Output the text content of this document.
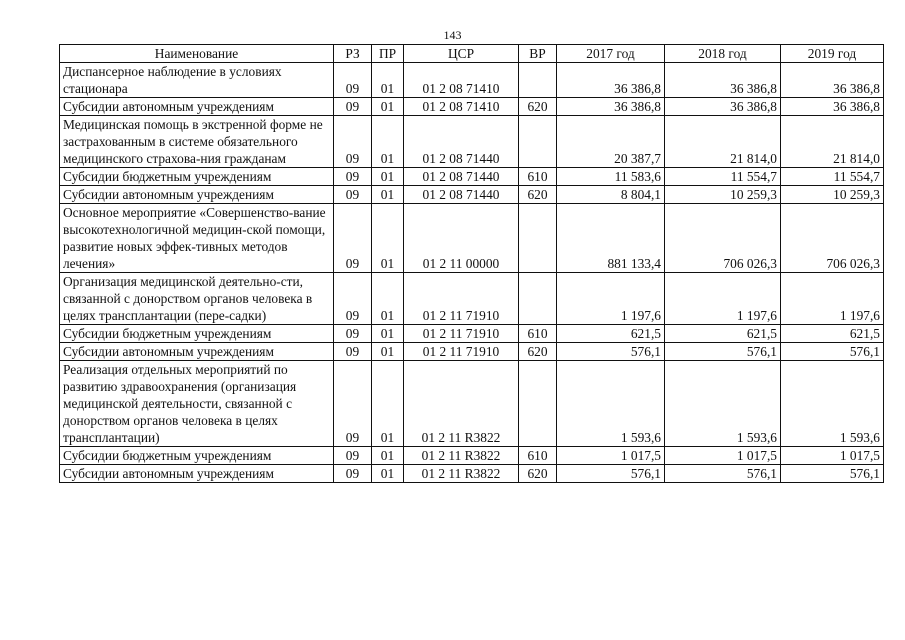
143
Наименование	РЗ	ПР	ЦСР	ВР	2017 год	2018 год	2019 год
Диспансерное наблюдение в условиях стационара	09	01	01 2 08 71410		36 386,8	36 386,8	36 386,8
Субсидии автономным учреждениям	09	01	01 2 08 71410	620	36 386,8	36 386,8	36 386,8
Медицинская помощь в экстренной форме не застрахованным в системе обязательного медицинского страхова-ния гражданам	09	01	01 2 08 71440		20 387,7	21 814,0	21 814,0
Субсидии бюджетным учреждениям	09	01	01 2 08 71440	610	11 583,6	11 554,7	11 554,7
Субсидии автономным учреждениям	09	01	01 2 08 71440	620	8 804,1	10 259,3	10 259,3
Основное мероприятие «Совершенство-вание высокотехнологичной медицин-ской помощи, развитие новых эффек-тивных методов лечения»	09	01	01 2 11 00000		881 133,4	706 026,3	706 026,3
Организация медицинской деятельно-сти, связанной с донорством органов человека в целях трансплантации (пере-садки)	09	01	01 2 11 71910		1 197,6	1 197,6	1 197,6
Субсидии бюджетным учреждениям	09	01	01 2 11 71910	610	621,5	621,5	621,5
Субсидии автономным учреждениям	09	01	01 2 11 71910	620	576,1	576,1	576,1
Реализация отдельных мероприятий по развитию здравоохранения (организация медицинской деятельности, связанной с донорством органов человека в целях трансплантации)	09	01	01 2 11 R3822		1 593,6	1 593,6	1 593,6
Субсидии бюджетным учреждениям	09	01	01 2 11 R3822	610	1 017,5	1 017,5	1 017,5
Субсидии автономным учреждениям	09	01	01 2 11 R3822	620	576,1	576,1	576,1
